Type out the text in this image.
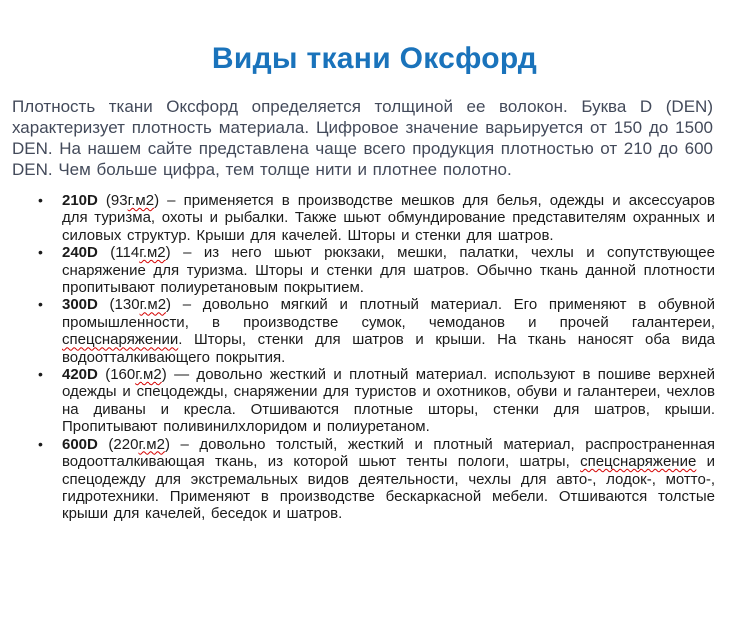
Виды ткани Оксфорд

Плотность ткани Оксфорд определяется толщиной ее волокон. Буква D (DEN) характеризует плотность материала. Цифровое значение варьируется от 150 до 1500 DEN. На нашем сайте представлена чаще всего продукция плотностью от 210 до 600 DEN. Чем больше цифра, тем толще нити и плотнее полотно.

• 210D (93г.м2) – применяется в производстве мешков для белья, одежды и аксессуаров для туризма, охоты и рыбалки. Также шьют обмундирование представителям охранных и силовых структур. Крыши для качелей. Шторы и стенки для шатров.
• 240D (114г.м2) – из него шьют рюкзаки, мешки, палатки, чехлы и сопутствующее снаряжение для туризма. Шторы и стенки для шатров. Обычно ткань данной плотности пропитывают полиуретановым покрытием.
• 300D (130г.м2) – довольно мягкий и плотный материал. Его применяют в обувной промышленности, в производстве сумок, чемоданов и прочей галантереи, спецснаряжении. Шторы, стенки для шатров и крыши. На ткань наносят оба вида водоотталкивающего покрытия.
• 420D (160г.м2) — довольно жесткий и плотный материал. используют в пошиве верхней одежды и спецодежды, снаряжении для туристов и охотников, обуви и галантереи, чехлов на диваны и кресла. Отшиваются плотные шторы, стенки для шатров, крыши. Пропитывают поливинилхлоридом и полиуретаном.
• 600D (220г.м2) – довольно толстый, жесткий и плотный материал, распространенная водоотталкивающая ткань, из которой шьют тенты пологи, шатры, спецснаряжение и спецодежду для экстремальных видов деятельности, чехлы для авто-, лодок-, мотто-, гидротехники. Применяют в производстве бескаркасной мебели. Отшиваются толстые крыши для качелей, беседок и шатров.
